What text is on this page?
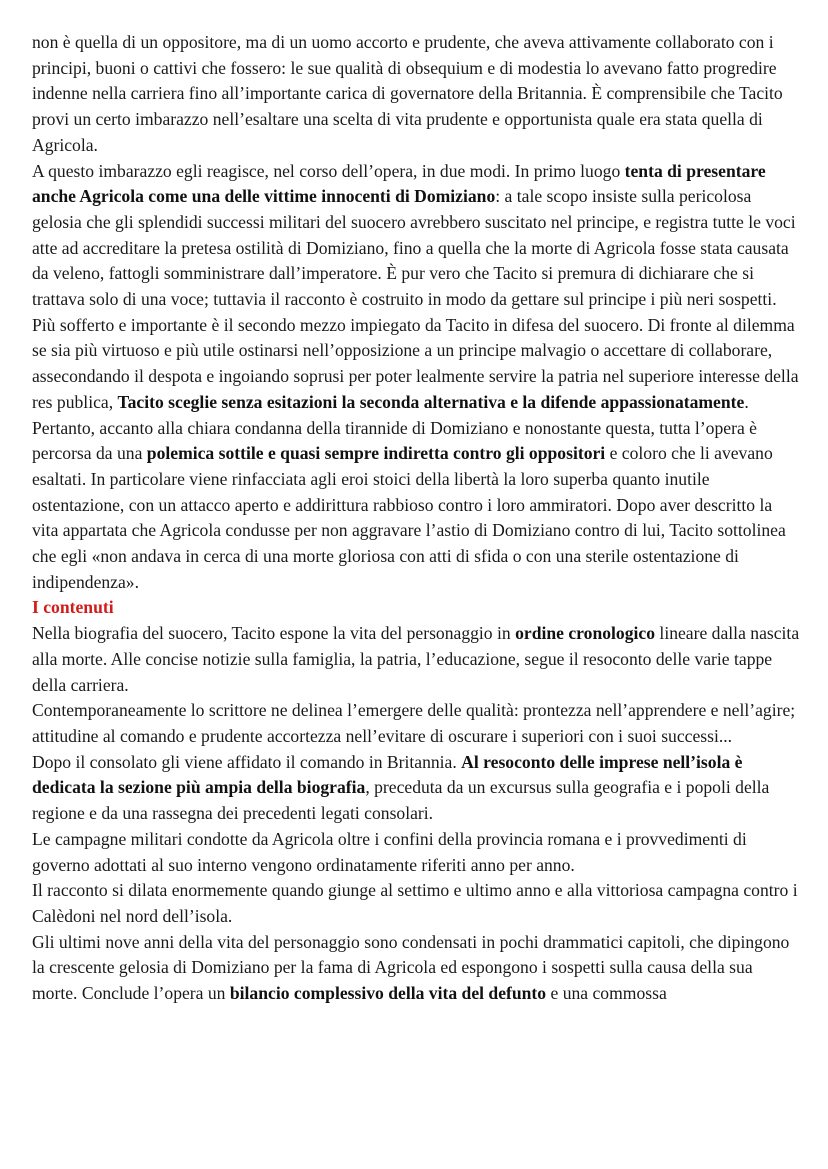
non è quella di un oppositore, ma di un uomo accorto e prudente, che aveva attivamente collaborato con i principi, buoni o cattivi che fossero: le sue qualità di obsequium e di modestia lo avevano fatto progredire indenne nella carriera fino all’importante carica di governatore della Britannia. È comprensibile che Tacito provi un certo imbarazzo nell’esaltare una scelta di vita prudente e opportunista quale era stata quella di Agricola.

A questo imbarazzo egli reagisce, nel corso dell’opera, in due modi. In primo luogo tenta di presentare anche Agricola come una delle vittime innocenti di Domiziano: a tale scopo insiste sulla pericolosa gelosia che gli splendidi successi militari del suocero avrebbero suscitato nel principe, e registra tutte le voci atte ad accreditare la pretesa ostilità di Domiziano, fino a quella che la morte di Agricola fosse stata causata da veleno, fattogli somministrare dall’imperatore. È pur vero che Tacito si premura di dichiarare che si trattava solo di una voce; tuttavia il racconto è costruito in modo da gettare sul principe i più neri sospetti.

Più sofferto e importante è il secondo mezzo impiegato da Tacito in difesa del suocero. Di fronte al dilemma se sia più virtuoso e più utile ostinarsi nell’opposizione a un principe malvagio o accettare di collaborare, assecondando il despota e ingoiando soprusi per poter lealmente servire la patria nel superiore interesse della res publica, Tacito sceglie senza esitazioni la seconda alternativa e la difende appassionatamente.

Pertanto, accanto alla chiara condanna della tirannide di Domiziano e nonostante questa, tutta l’opera è percorsa da una polemica sottile e quasi sempre indiretta contro gli oppositori e coloro che li avevano esaltati. In particolare viene rinfacciata agli eroi stoici della libertà la loro superba quanto inutile ostentazione, con un attacco aperto e addirittura rabbioso contro i loro ammiratori. Dopo aver descritto la vita appartata che Agricola condusse per non aggravare l’astio di Domiziano contro di lui, Tacito sottolinea che egli «non andava in cerca di una morte gloriosa con atti di sfida o con una sterile ostentazione di indipendenza».

I contenuti

Nella biografia del suocero, Tacito espone la vita del personaggio in ordine cronologico lineare dalla nascita alla morte. Alle concise notizie sulla famiglia, la patria, l’educazione, segue il resoconto delle varie tappe della carriera.

Contemporaneamente lo scrittore ne delinea l’emergere delle qualità: prontezza nell’apprendere e nell’agire; attitudine al comando e prudente accortezza nell’evitare di oscurare i superiori con i suoi successi...

Dopo il consolato gli viene affidato il comando in Britannia. Al resoconto delle imprese nell’isola è dedicata la sezione più ampia della biografia, preceduta da un excursus sulla geografia e i popoli della regione e da una rassegna dei precedenti legati consolari.

Le campagne militari condotte da Agricola oltre i confini della provincia romana e i provvedimenti di governo adottati al suo interno vengono ordinatamente riferiti anno per anno.

Il racconto si dilata enormemente quando giunge al settimo e ultimo anno e alla vittoriosa campagna contro i Calèdoni nel nord dell’isola.

Gli ultimi nove anni della vita del personaggio sono condensati in pochi drammatici capitoli, che dipingono la crescente gelosia di Domiziano per la fama di Agricola ed espongono i sospetti sulla causa della sua morte. Conclude l’opera un bilancio complessivo della vita del defunto e una commossa
